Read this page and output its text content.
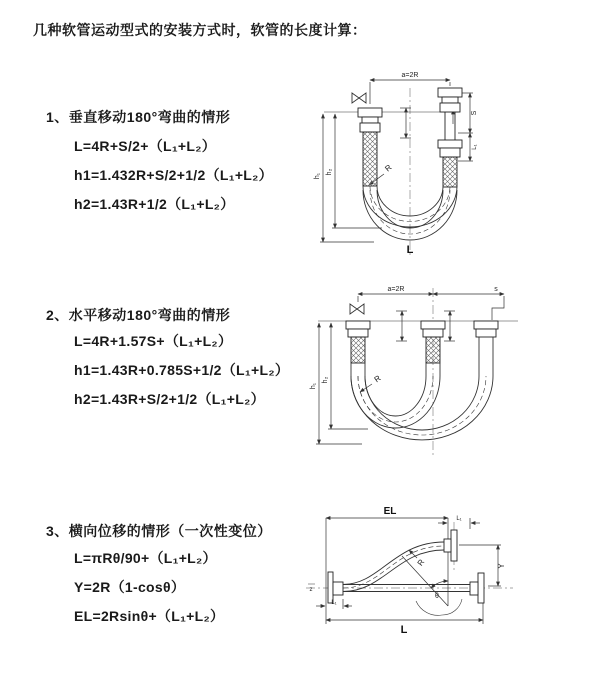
几种软管运动型式的安装方式时，软管的长度计算：
1、垂直移动180°弯曲的情形
L=4R+S/2+（L₁+L₂）
h1=1.432R+S/2+1/2（L₁+L₂）
h2=1.43R+1/2（L₁+L₂）
2、水平移动180°弯曲的情形
L=4R+1.57S+（L₁+L₂）
h1=1.43R+0.785S+1/2（L₁+L₂）
h2=1.43R+S/2+1/2（L₁+L₂）
3、横向位移的情形（一次性变位）
L=πRθ/90+（L₁+L₂）
Y=2R（1-cosθ）
EL=2Rsinθ+（L₁+L₂）
a=2R
h₁
h₂
S
L₁
R
L
a=2R	s
h₁
h₂	R
EL
L₁
Y
L
L₁
θ
R
z
